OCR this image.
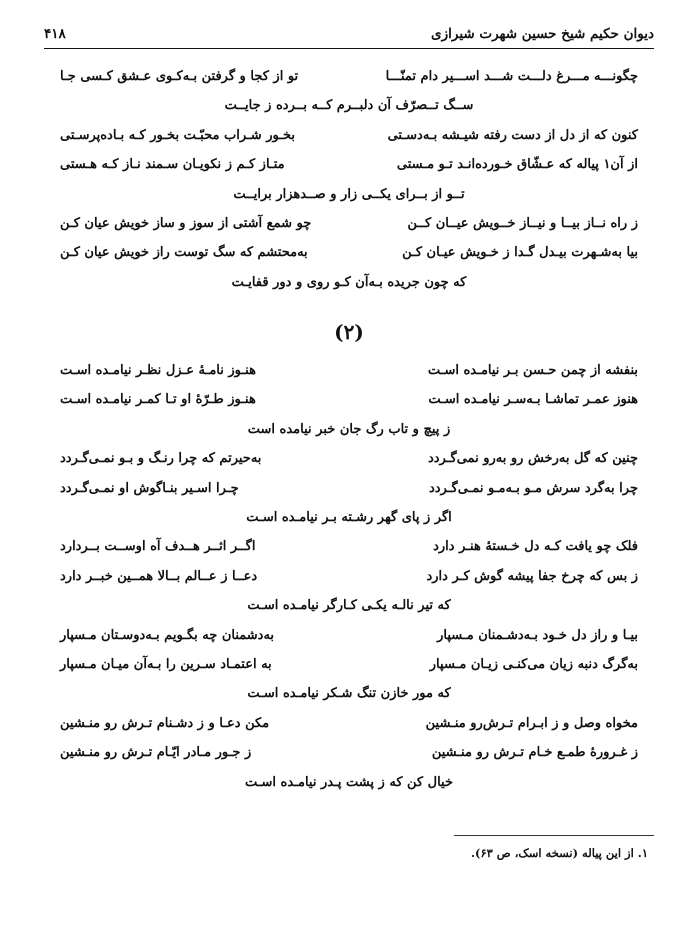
دیوان حکیم شیخ حسین شهرت شیرازی
۴۱۸
چگونـــه مـــرغ دلـــت شـــد اســـیر دام تمنّـــا
تو از کجا و گرفتن بـه‌کـوی عـشق کـسی جـا
ســگ تــصرّف آن دلبــرم کــه بــرده ز جایــت
کنون که از دل از دست رفته شیـشه بـه‌دسـتی
بخـور شـراب محبّـت بخـور کـه بـاده‌پرسـتی
از آن۱ پیاله که عـشّاق خـورده‌انـد تـو مـستی
متـاز کـم ز نکویـان سـمند نـاز کـه هـستی
تــو از بــرای یکــی زار و صــدهزار برایــت
ز راه نــاز بیــا و نیــاز خــویش عیــان کــن
چو شمع آشتی از سوز و ساز خویش عیان کـن
بیا به‌شـهرت بیـدل گـدا ز خـویش عیـان کـن
به‌محتشم که سگ توست راز خویش عیان کـن
که چون جریده بـه‌آن کـو روی و دور قفایـت
(۲)
بنفشه از چمن حـسن بـر نیامـده اسـت
هنـوز نامـهٔ عـزل نظـر نیامـده اسـت
هنوز عمـر تماشـا بـه‌سـر نیامـده اسـت
هنـوز طـرّهٔ او تـا کمـر نیامـده اسـت
ز پیچ و تاب رگ جان خبر نیامده است
چنین که گل به‌رخش رو به‌رو نمی‌گـردد
به‌حیرتم که چرا رنـگ و بـو نمـی‌گـردد
چرا به‌گرد سرش مـو بـه‌مـو نمـی‌گـردد
چـرا اسـیر بنـاگوش او نمـی‌گـردد
اگر ز پای گهر رشـته بـر نیامـده اسـت
فلک چو یافت کـه دل خـستهٔ هنـر دارد
اگــر اثــر هــدف آه اوســت بــردارد
ز بس که چرخ جفا پیشه گوش کـر دارد
دعــا ز عــالم بــالا همــین خبــر دارد
که تیر نالـه یکـی کـارگر نیامـده اسـت
بیـا و راز دل خـود بـه‌دشـمنان مـسپار
به‌دشمنان چه بگـویم بـه‌دوسـتان مـسپار
به‌گرگ دنبه زیان می‌کنـی زیـان مـسپار
به اعتمـاد سـرین را بـه‌آن میـان مـسپار
که مور خازن تنگ شـکر نیامـده اسـت
مخواه وصل و ز ابـرام تـرش‌رو منـشین
مکن دعـا و ز دشـنام تـرش رو منـشین
ز غـرورهٔ طمـع خـام تـرش رو منـشین
ز جـور مـادر ایّـام تـرش رو منـشین
خیال کن که ز پشت پـدر نیامـده اسـت
۱. از این پیاله (نسخه اسک، ص ۶۳).
